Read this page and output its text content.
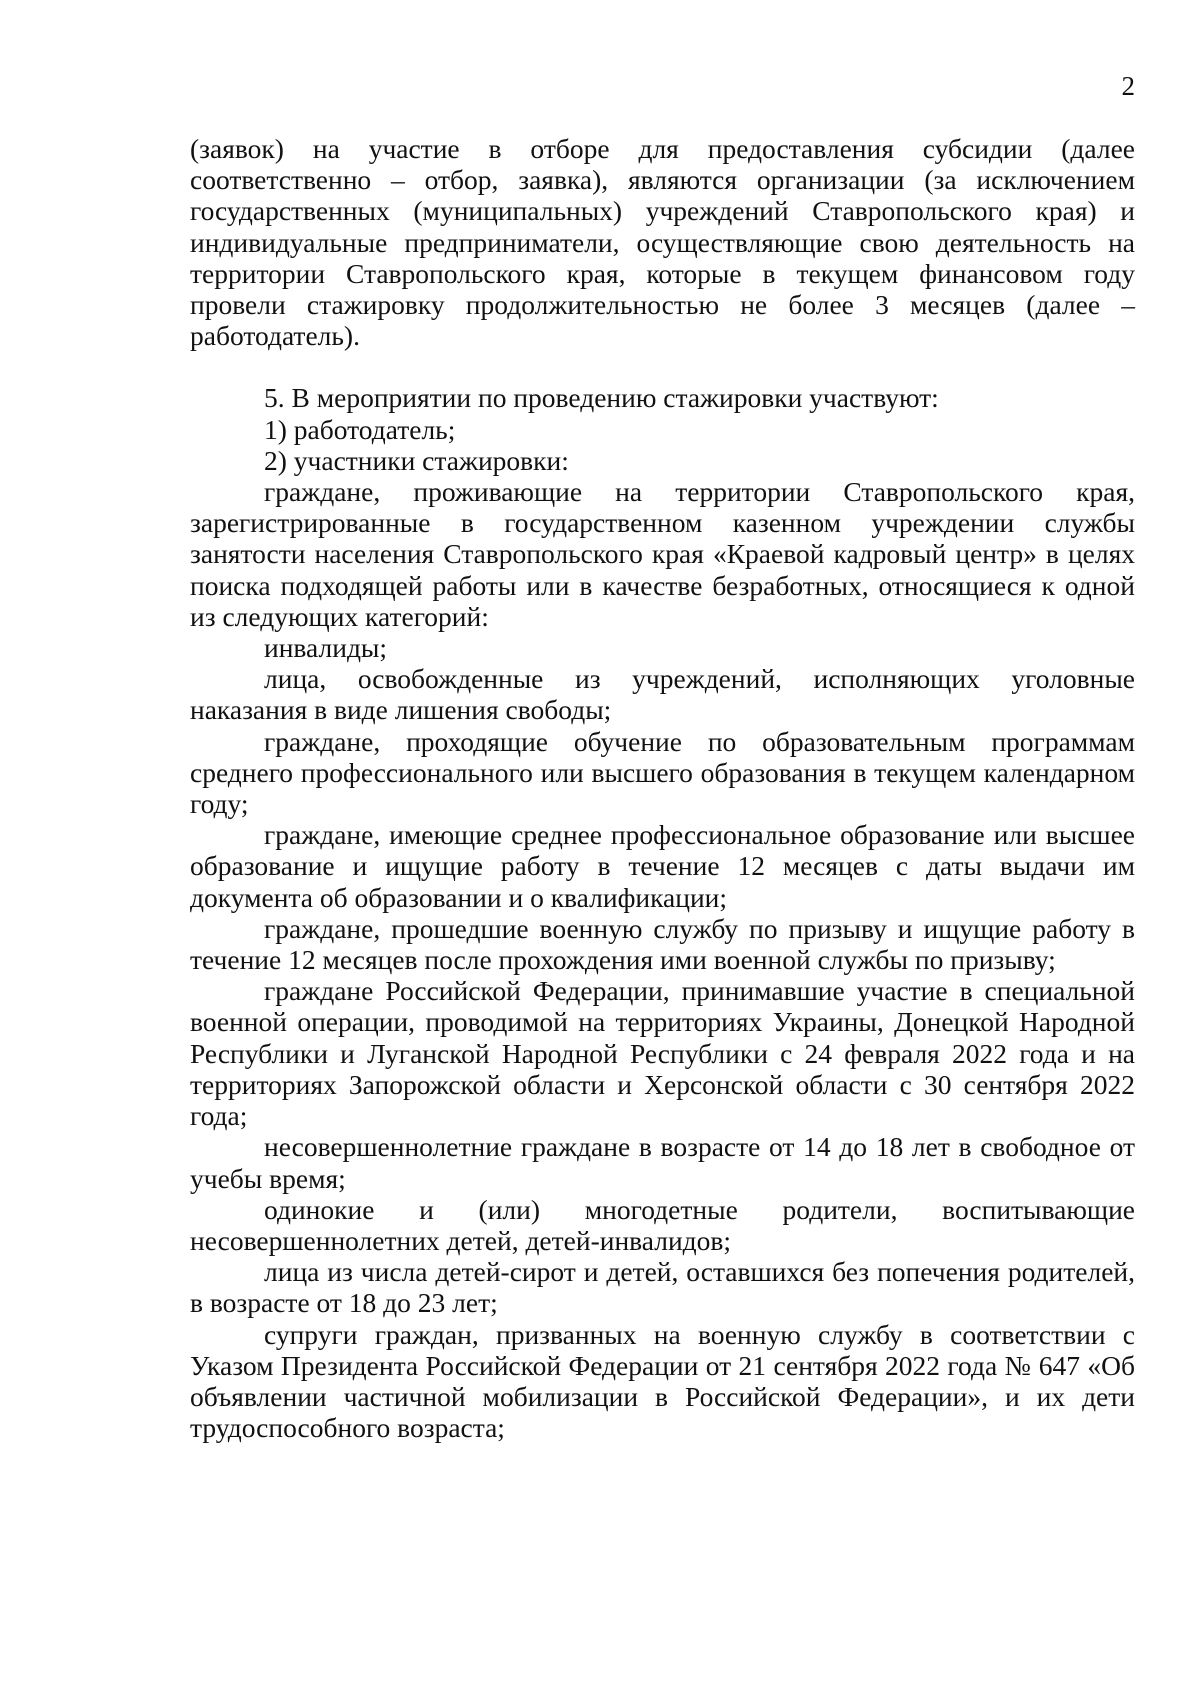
2

(заявок) на участие в отборе для предоставления субсидии (далее соответственно – отбор, заявка), являются организации (за исключением государственных (муниципальных) учреждений Ставропольского края) и индивидуальные предприниматели, осуществляющие свою деятельность на территории Ставропольского края, которые в текущем финансовом году провели стажировку продолжительностью не более 3 месяцев (далее – работодатель).

5. В мероприятии по проведению стажировки участвуют:

1) работодатель;

2) участники стажировки:

граждане, проживающие на территории Ставропольского края, зарегистрированные в государственном казенном учреждении службы занятости населения Ставропольского края «Краевой кадровый центр» в целях поиска подходящей работы или в качестве безработных, относящиеся к одной из следующих категорий:

инвалиды;

лица, освобожденные из учреждений, исполняющих уголовные наказания в виде лишения свободы;

граждане, проходящие обучение по образовательным программам среднего профессионального или высшего образования в текущем календарном году;

граждане, имеющие среднее профессиональное образование или высшее образование и ищущие работу в течение 12 месяцев с даты выдачи им документа об образовании и о квалификации;

граждане, прошедшие военную службу по призыву и ищущие работу в течение 12 месяцев после прохождения ими военной службы по призыву;

граждане Российской Федерации, принимавшие участие в специальной военной операции, проводимой на территориях Украины, Донецкой Народной Республики и Луганской Народной Республики с 24 февраля 2022 года и на территориях Запорожской области и Херсонской области с 30 сентября 2022 года;

несовершеннолетние граждане в возрасте от 14 до 18 лет в свободное от учебы время;

одинокие и (или) многодетные родители, воспитывающие несовершеннолетних детей, детей-инвалидов;

лица из числа детей-сирот и детей, оставшихся без попечения родителей, в возрасте от 18 до 23 лет;

супруги граждан, призванных на военную службу в соответствии с Указом Президента Российской Федерации от 21 сентября 2022 года № 647 «Об объявлении частичной мобилизации в Российской Федерации», и их дети трудоспособного возраста;
